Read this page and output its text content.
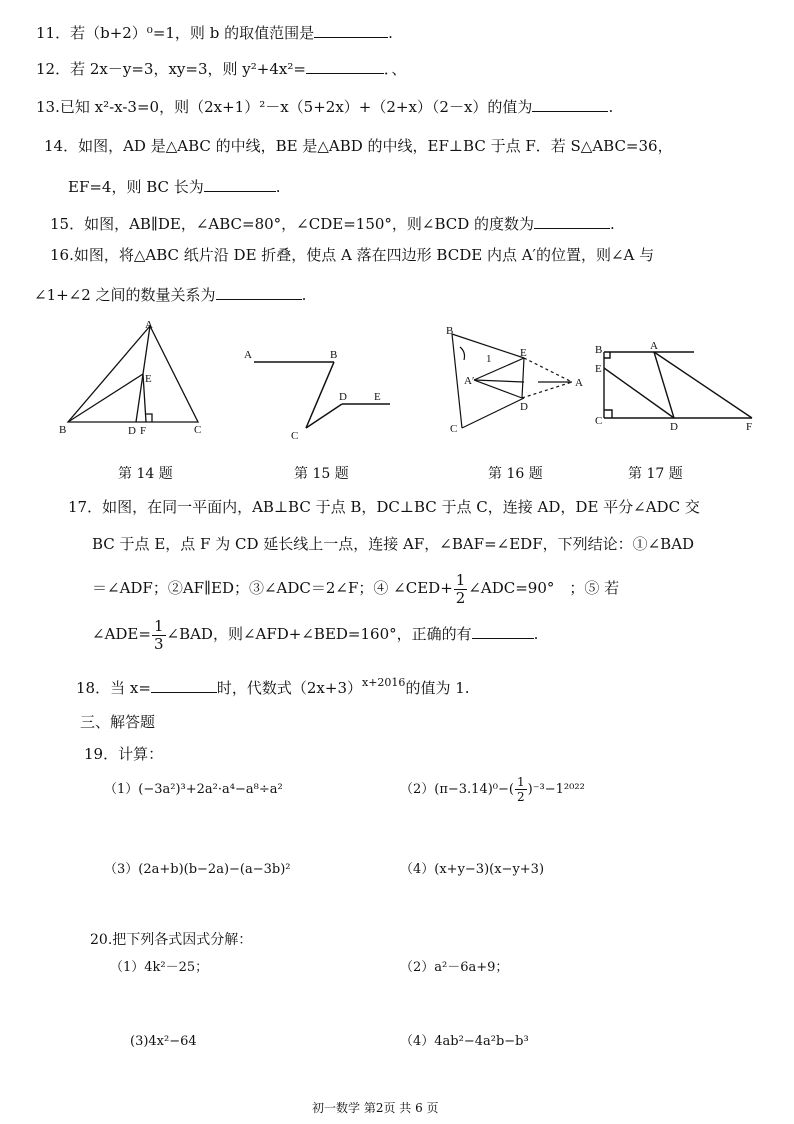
11．若（b+2）⁰=1，则 b 的取值范围是	.
12．若 2x－y=3，xy=3，则 y²+4x²=	．、
13.已知 x²-x-3=0，则（2x+1）²－x（5+2x）+（2+x）（2－x）的值为	.
14．如图，AD 是△ABC 的中线，BE 是△ABD 的中线，EF⊥BC 于点 F．若 S△ABC=36，
EF=4，则 BC 长为	.
15．如图，AB∥DE，∠ABC=80°，∠CDE=150°，则∠BCD 的度数为	.
16.如图，将△ABC 纸片沿 DE 折叠，使点 A 落在四边形 BCDE 内点 A′的位置，则∠A 与
∠1+∠2 之间的数量关系为	.
A
B	C
D F
E
第 14 题
A	B
C
D E
第 15 题
B
C
E
D
A′	A
1
第 16 题
B
E
C
A
D	F
第 17 题
17．如图，在同一平面内，AB⊥BC 于点 B，DC⊥BC 于点 C，连接 AD，DE 平分∠ADC 交
BC 于点 E，点 F 为 CD 延长线上一点，连接 AF，∠BAF=∠EDF，下列结论：①∠BAD
＝∠ADF；②AF∥ED；③∠ADC＝2∠F；④ ∠CED+ $\frac{1}{2}$ ∠ADC=90°　；⑤ 若
∠ADE= $\frac{1}{3}$ ∠BAD，则∠AFD+∠BED=160°，正确的有	.
18．当 x=	时，代数式$(2x+3)^{x+2016}$的值为 1.
三、解答题
19．计算：
（1）(−3a²)³+2a²·a⁴−a⁸÷a²	$(2)(\pi-3.14)^0-( \frac{1}{2} )^{-3}-1^{2022}$
（3）(2a+b)(b−2a)−(a−3b)²	（4）(x+y−3)(x−y+3)
20.把下列各式因式分解：
（1）4k²－25；	（2）a²－6a+9；
(3)4x²−64	（4）4ab²−4a²b−b³
初一数学 第2页 共 6 页
